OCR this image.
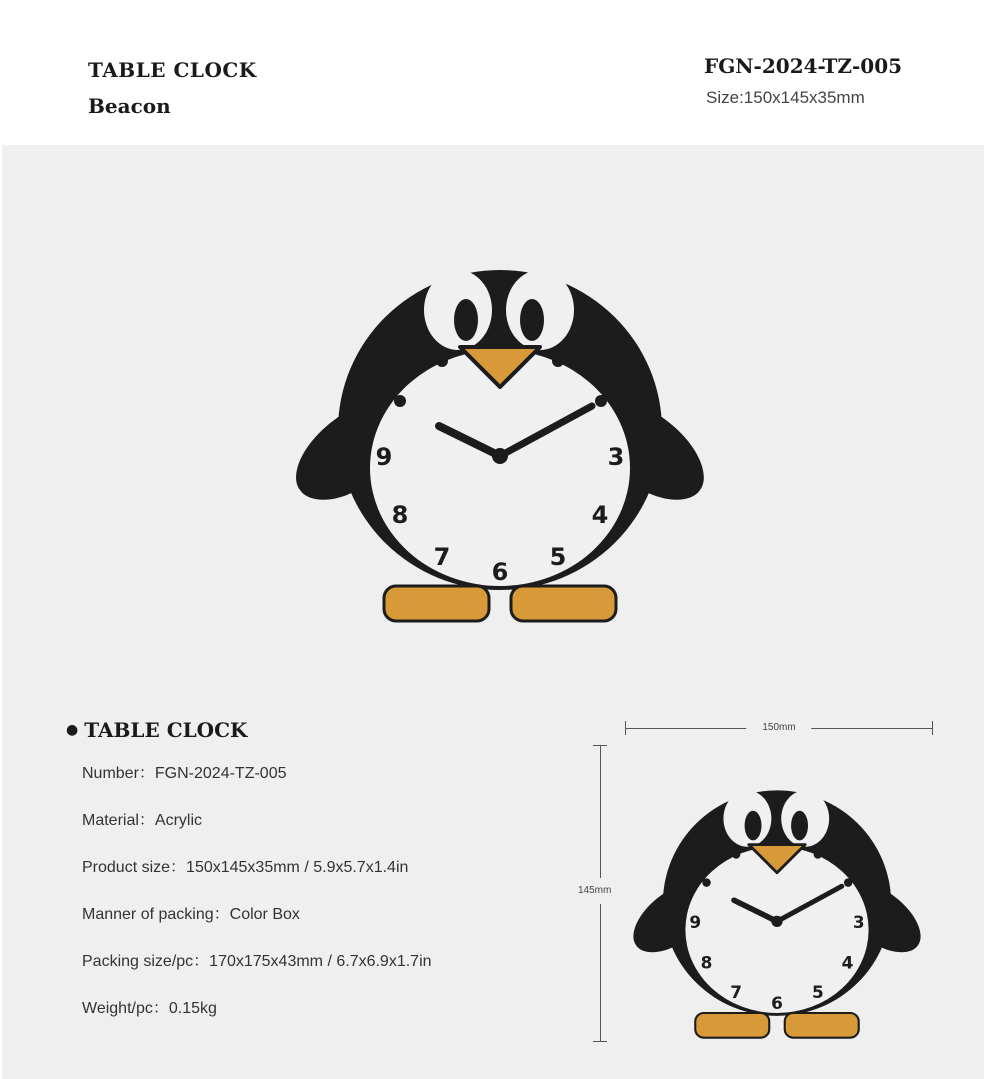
TABLE CLOCK

Beacon

FGN-2024-TZ-005

Size:150x145x35mm
3
4
5
6
7
8
9

● TABLE CLOCK

Number：FGN-2024-TZ-005
Material：Acrylic
Product size：150x145x35mm / 5.9x5.7x1.4in
Manner of packing：Color Box
Packing size/pc：170x175x43mm / 6.7x6.9x1.7in
Weight/pc：0.15kg
150mm
145mm
3
4
5
6
7
8
9
